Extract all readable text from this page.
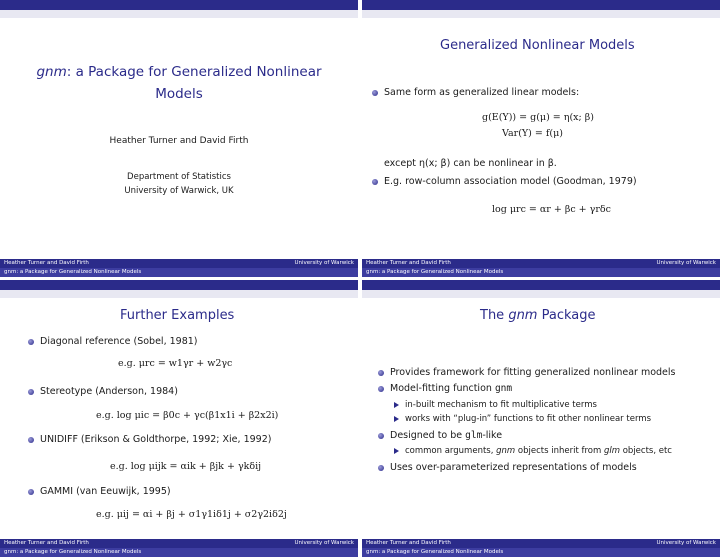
gnm: a Package for Generalized Nonlinear
Models
Heather Turner and David Firth
Department of Statistics
University of Warwick, UK
Heather Turner and David Firth	University of Warwick
gnm: a Package for Generalized Nonlinear Models
Generalized Nonlinear Models
Same form as generalized linear models:
g(E(Y)) = g(μ) = η(x; β)
Var(Y) = f(μ)
except η(x; β) can be nonlinear in β.
E.g. row-column association model (Goodman, 1979)
log μrc = αr + βc + γrδc
Heather Turner and David Firth	University of Warwick
gnm: a Package for Generalized Nonlinear Models
Further Examples
Diagonal reference (Sobel, 1981)
e.g. μrc = w1γr + w2γc
Stereotype (Anderson, 1984)
e.g. log μic = β0c + γc(β1x1i + β2x2i)
UNIDIFF (Erikson & Goldthorpe, 1992; Xie, 1992)
e.g. log μijk = αik + βjk + γkδij
GAMMI (van Eeuwijk, 1995)
e.g. μij = αi + βj + σ1γ1iδ1j + σ2γ2iδ2j
Heather Turner and David Firth	University of Warwick
gnm: a Package for Generalized Nonlinear Models
The gnm Package
Provides framework for fitting generalized nonlinear models
Model-fitting function gnm
in-built mechanism to fit multiplicative terms
works with “plug-in” functions to fit other nonlinear terms
Designed to be glm-like
common arguments, gnm objects inherit from glm objects, etc
Uses over-parameterized representations of models
Heather Turner and David Firth	University of Warwick
gnm: a Package for Generalized Nonlinear Models
